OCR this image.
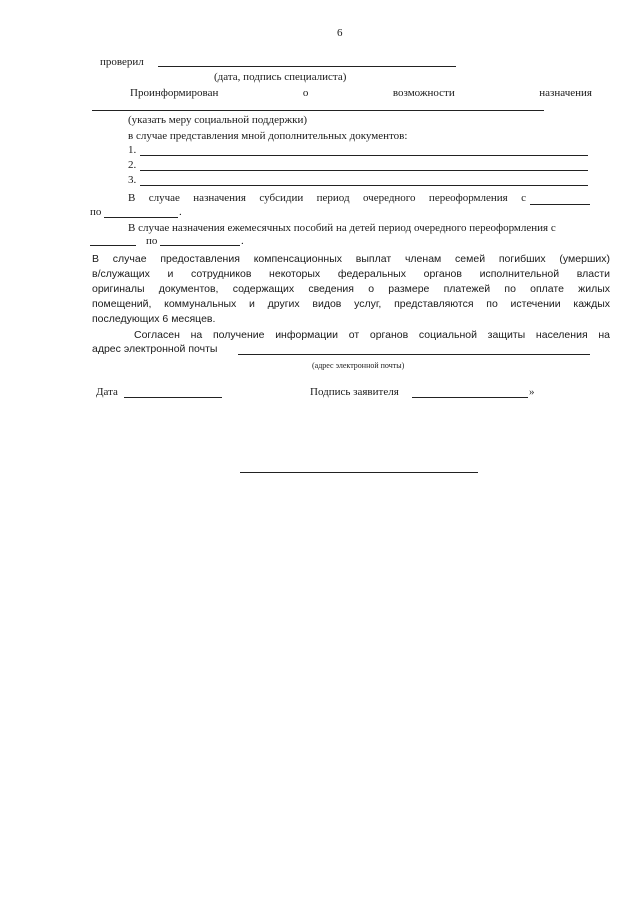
6
проверил
(дата, подпись специалиста)
Проинформирован	о	возможности	назначения
(указать меру социальной поддержки)
в случае представления мной дополнительных документов:
1.
2.
3.
В случае назначения субсидии период очередного переоформления с
по	.
В случае назначения ежемесячных пособий на детей период очередного переоформления с
по	.
В случае предоставления компенсационных выплат членам семей погибших (умерших)
в/служащих и сотрудников некоторых федеральных органов исполнительной власти
оригиналы документов, содержащих сведения о размере платежей по оплате жилых
помещений, коммунальных и других видов услуг, представляются по истечении каждых
последующих 6 месяцев.
Согласен на получение информации от органов социальной защиты населения на
адрес электронной почты
(адрес электронной почты)
Дата	Подпись заявителя	»
